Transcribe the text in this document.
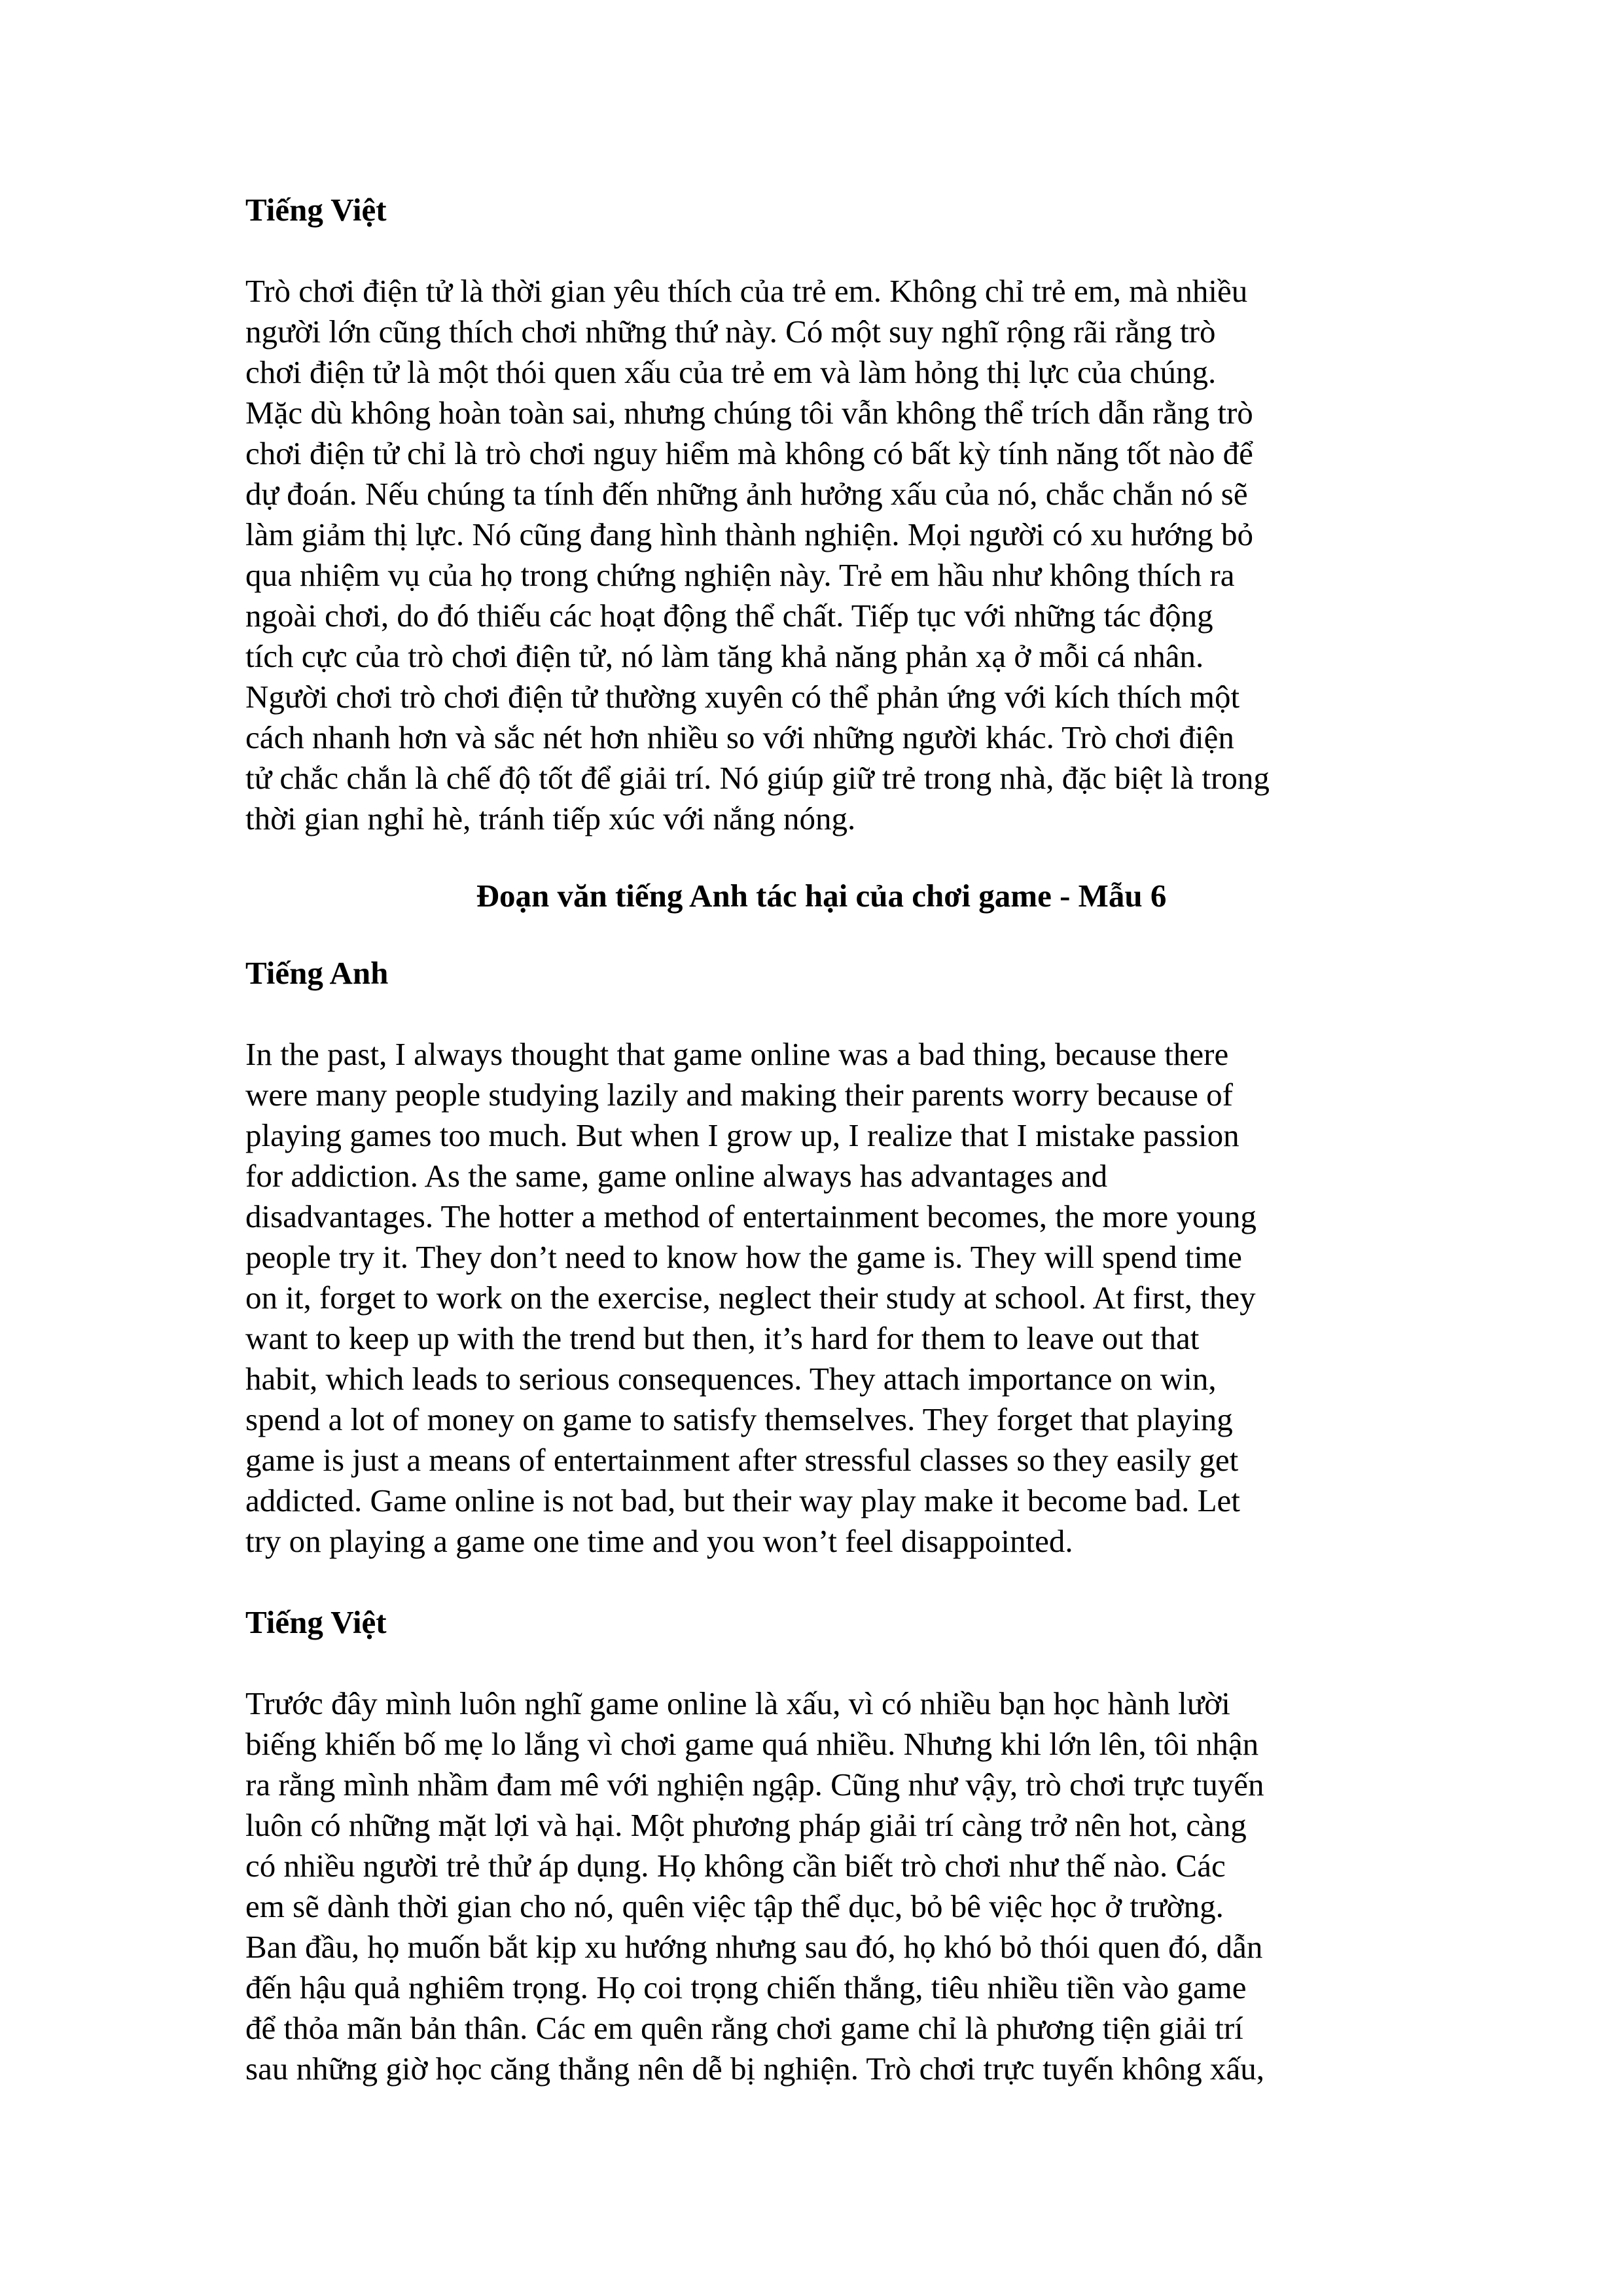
Tiếng Việt

Trò chơi điện tử là thời gian yêu thích của trẻ em. Không chỉ trẻ em, mà nhiều
người lớn cũng thích chơi những thứ này. Có một suy nghĩ rộng rãi rằng trò
chơi điện tử là một thói quen xấu của trẻ em và làm hỏng thị lực của chúng.
Mặc dù không hoàn toàn sai, nhưng chúng tôi vẫn không thể trích dẫn rằng trò
chơi điện tử chỉ là trò chơi nguy hiểm mà không có bất kỳ tính năng tốt nào để
dự đoán. Nếu chúng ta tính đến những ảnh hưởng xấu của nó, chắc chắn nó sẽ
làm giảm thị lực. Nó cũng đang hình thành nghiện. Mọi người có xu hướng bỏ
qua nhiệm vụ của họ trong chứng nghiện này. Trẻ em hầu như không thích ra
ngoài chơi, do đó thiếu các hoạt động thể chất. Tiếp tục với những tác động
tích cực của trò chơi điện tử, nó làm tăng khả năng phản xạ ở mỗi cá nhân.
Người chơi trò chơi điện tử thường xuyên có thể phản ứng với kích thích một
cách nhanh hơn và sắc nét hơn nhiều so với những người khác. Trò chơi điện
tử chắc chắn là chế độ tốt để giải trí. Nó giúp giữ trẻ trong nhà, đặc biệt là trong
thời gian nghỉ hè, tránh tiếp xúc với nắng nóng.

Đoạn văn tiếng Anh tác hại của chơi game - Mẫu 6
Tiếng Anh

In the past, I always thought that game online was a bad thing, because there
were many people studying lazily and making their parents worry because of
playing games too much. But when I grow up, I realize that I mistake passion
for addiction. As the same, game online always has advantages and
disadvantages. The hotter a method of entertainment becomes, the more young
people try it. They don’t need to know how the game is. They will spend time
on it, forget to work on the exercise, neglect their study at school. At first, they
want to keep up with the trend but then, it’s hard for them to leave out that
habit, which leads to serious consequences. They attach importance on win,
spend a lot of money on game to satisfy themselves. They forget that playing
game is just a means of entertainment after stressful classes so they easily get
addicted. Game online is not bad, but their way play make it become bad. Let
try on playing a game one time and you won’t feel disappointed.

Tiếng Việt

Trước đây mình luôn nghĩ game online là xấu, vì có nhiều bạn học hành lười
biếng khiến bố mẹ lo lắng vì chơi game quá nhiều. Nhưng khi lớn lên, tôi nhận
ra rằng mình nhầm đam mê với nghiện ngập. Cũng như vậy, trò chơi trực tuyến
luôn có những mặt lợi và hại. Một phương pháp giải trí càng trở nên hot, càng
có nhiều người trẻ thử áp dụng. Họ không cần biết trò chơi như thế nào. Các
em sẽ dành thời gian cho nó, quên việc tập thể dục, bỏ bê việc học ở trường.
Ban đầu, họ muốn bắt kịp xu hướng nhưng sau đó, họ khó bỏ thói quen đó, dẫn
đến hậu quả nghiêm trọng. Họ coi trọng chiến thắng, tiêu nhiều tiền vào game
để thỏa mãn bản thân. Các em quên rằng chơi game chỉ là phương tiện giải trí
sau những giờ học căng thẳng nên dễ bị nghiện. Trò chơi trực tuyến không xấu,
